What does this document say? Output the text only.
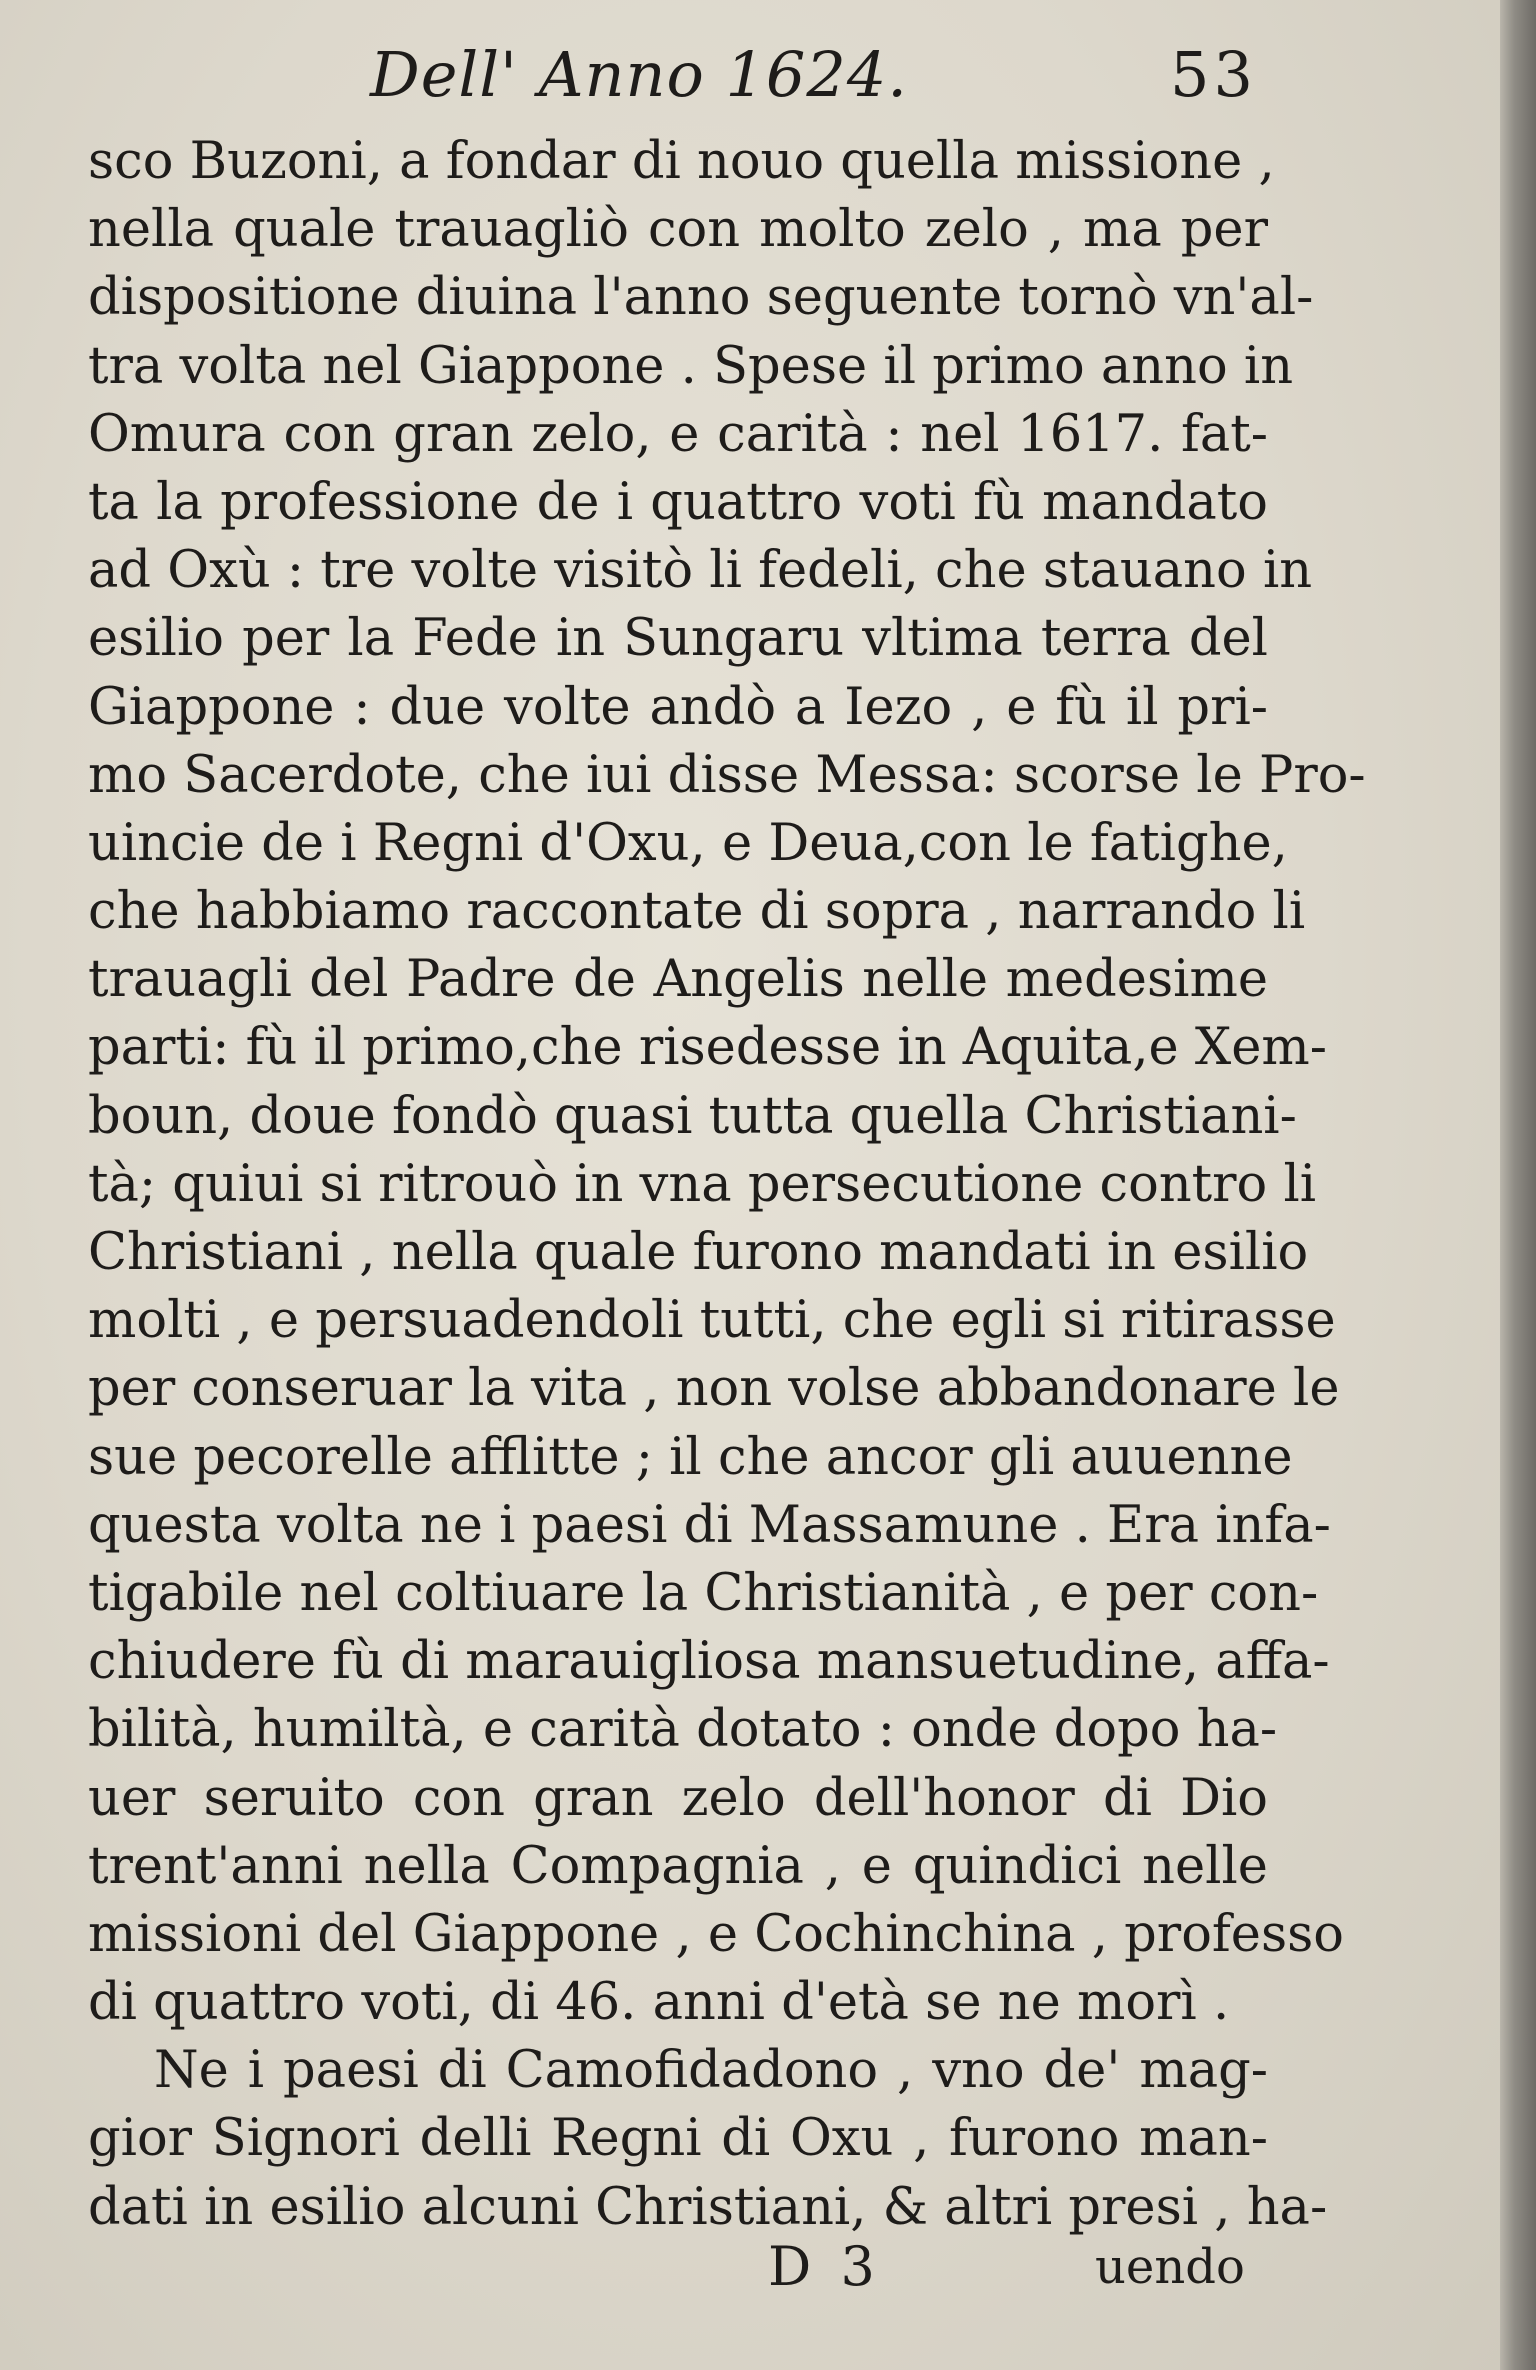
Dell' Anno 1624.	53
sco Buzoni, a fondar di nouo quella missione ,
nella quale trauagliò con molto zelo , ma per
dispositione diuina l'anno seguente tornò vn'al-
tra volta nel Giappone . Spese il primo anno in
Omura con gran zelo, e carità : nel 1617. fat-
ta la professione de i quattro voti fù mandato
ad Oxù : tre volte visitò li fedeli, che stauano in
esilio per la Fede in Sungaru vltima terra del
Giappone : due volte andò a Iezo , e fù il pri-
mo Sacerdote, che iui disse Messa: scorse le Pro-
uincie de i Regni d'Oxu, e Deua,con le fatighe,
che habbiamo raccontate di sopra , narrando li
trauagli del Padre de Angelis nelle medesime
parti: fù il primo,che risedesse in Aquita,e Xem-
boun, doue fondò quasi tutta quella Christiani-
tà; quiui si ritrouò in vna persecutione contro li
Christiani , nella quale furono mandati in esilio
molti , e persuadendoli tutti, che egli si ritirasse
per conseruar la vita , non volse abbandonare le
sue pecorelle afflitte ; il che ancor gli auuenne
questa volta ne i paesi di Massamune . Era infa-
tigabile nel coltiuare la Christianità , e per con-
chiudere fù di marauigliosa mansuetudine, affa-
bilità, humiltà, e carità dotato : onde dopo ha-
uer seruito con gran zelo dell'honor di Dio
trent'anni nella Compagnia , e quindici nelle
missioni del Giappone , e Cochinchina , professo
di quattro voti, di 46. anni d'età se ne morì .
Ne i paesi di Camofidadono , vno de' mag-
gior Signori delli Regni di Oxu , furono man-
dati in esilio alcuni Christiani, & altri presi , ha-
D 3	uendo
